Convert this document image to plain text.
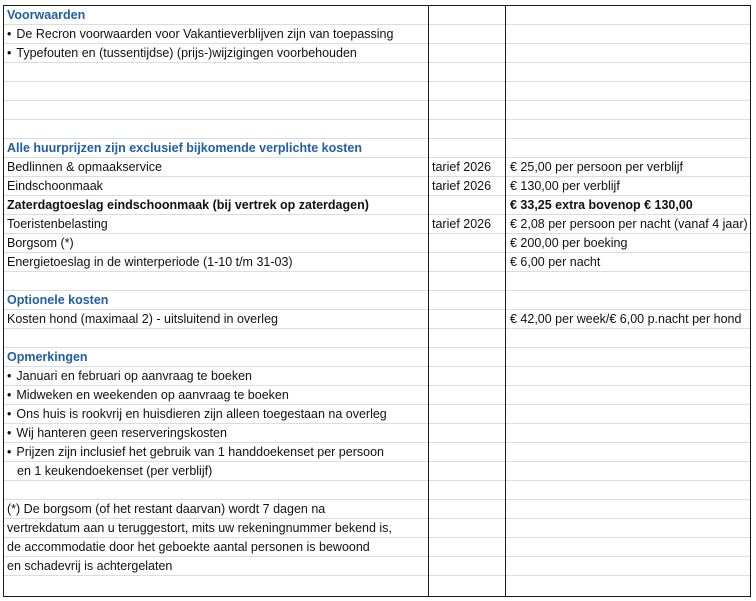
Voorwaarden
• De Recron voorwaarden voor Vakantieverblijven zijn van toepassing
• Typefouten en (tussentijdse) (prijs-)wijzigingen voorbehouden
Alle huurprijzen zijn exclusief bijkomende verplichte kosten
Bedlinnen & opmaakservice	tarief 2026 € 25,00 per persoon per verblijf
Eindschoonmaak	tarief 2026 € 130,00 per verblijf
Zaterdagtoeslag eindschoonmaak (bij vertrek op zaterdagen)	€ 33,25 extra bovenop € 130,00
Toeristenbelasting	tarief 2026 € 2,08 per persoon per nacht (vanaf 4 jaar)
Borgsom (*)	€ 200,00 per boeking
Energietoeslag in de winterperiode (1-10 t/m 31-03)	€ 6,00 per nacht
Optionele kosten
Kosten hond (maximaal 2) - uitsluitend in overleg	€ 42,00 per week/€ 6,00 p.nacht per hond
Opmerkingen
• Januari en februari op aanvraag te boeken
• Midweken en weekenden op aanvraag te boeken
• Ons huis is rookvrij en huisdieren zijn alleen toegestaan na overleg
• Wij hanteren geen reserveringskosten
• Prijzen zijn inclusief het gebruik van 1 handdoekenset per persoon
en 1 keukendoekenset (per verblijf)
(*) De borgsom (of het restant daarvan) wordt 7 dagen na
vertrekdatum aan u teruggestort, mits uw rekeningnummer bekend is,
de accommodatie door het geboekte aantal personen is bewoond
en schadevrij is achtergelaten
